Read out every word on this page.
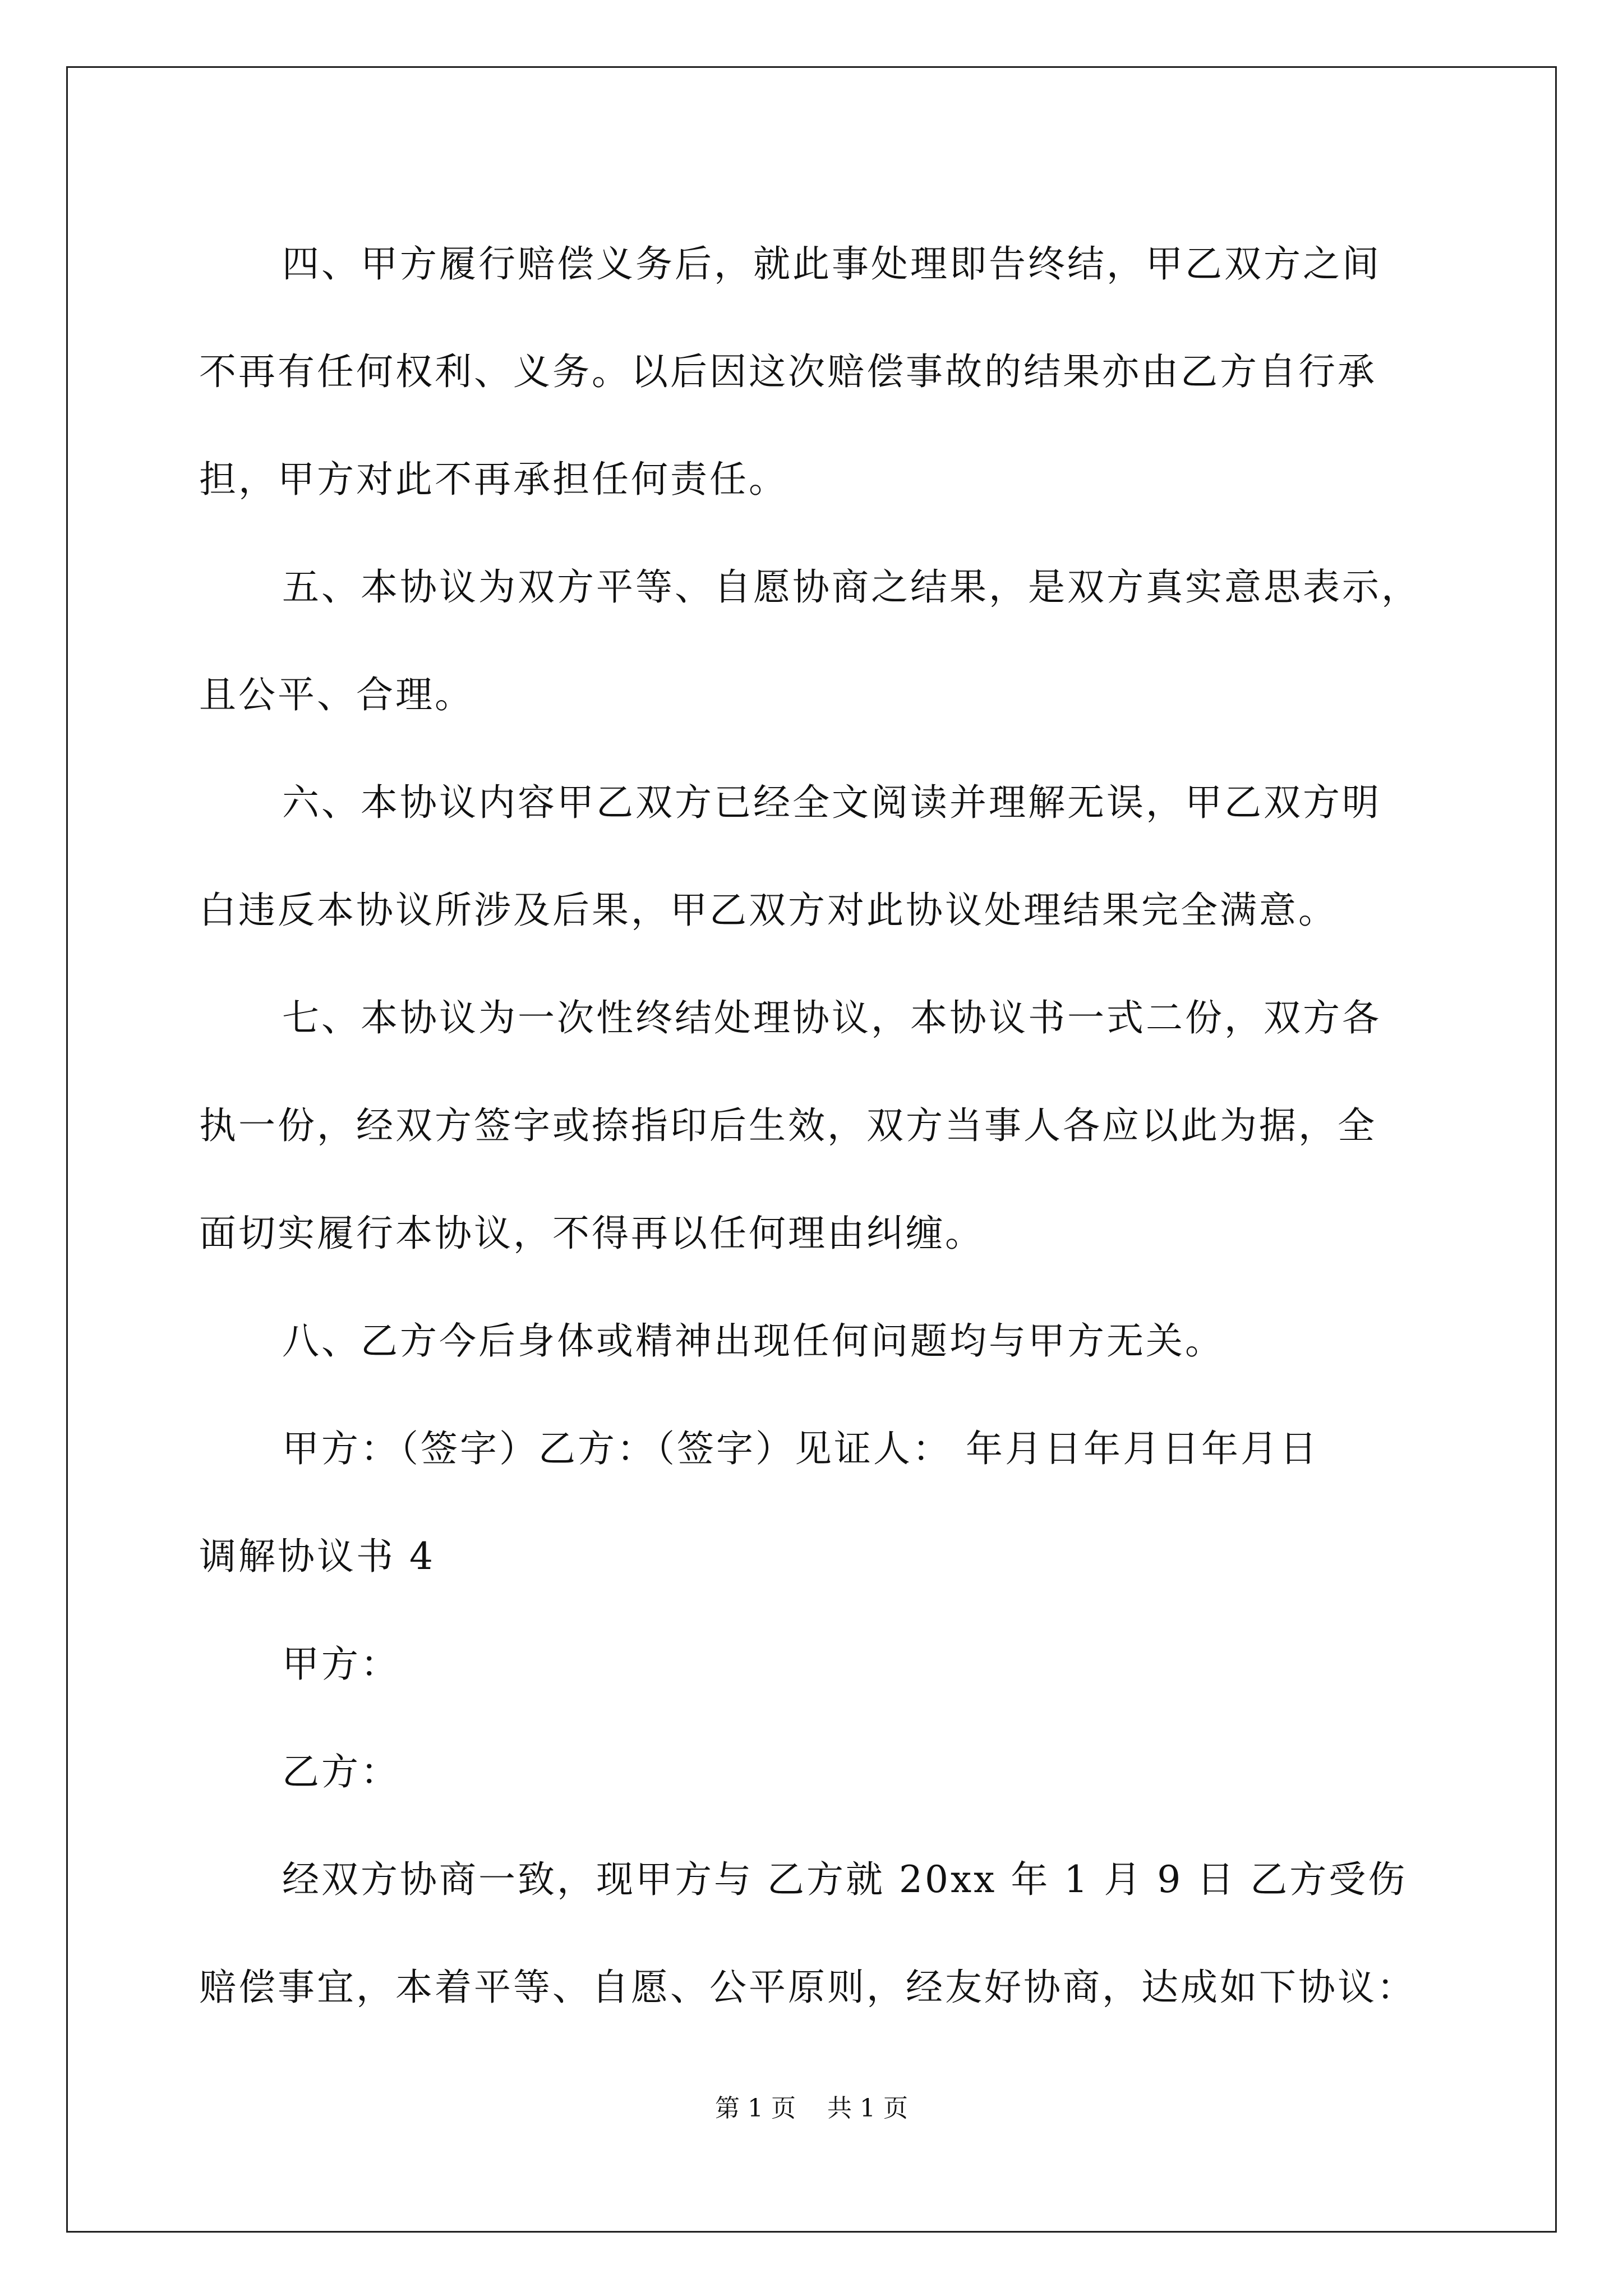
四、甲方履行赔偿义务后，就此事处理即告终结，甲乙双方之间
不再有任何权利、义务。以后因这次赔偿事故的结果亦由乙方自行承
担，甲方对此不再承担任何责任。
五、本协议为双方平等、自愿协商之结果，是双方真实意思表示，
且公平、合理。
六、本协议内容甲乙双方已经全文阅读并理解无误，甲乙双方明
白违反本协议所涉及后果，甲乙双方对此协议处理结果完全满意。
七、本协议为一次性终结处理协议，本协议书一式二份，双方各
执一份，经双方签字或捺指印后生效，双方当事人各应以此为据，全
面切实履行本协议，不得再以任何理由纠缠。
八、乙方今后身体或精神出现任何问题均与甲方无关。
甲方：（签字）乙方：（签字）见证人： 年月日年月日年月日
调解协议书 4
甲方：
乙方：
经双方协商一致，现甲方与 乙方就 20xx 年 1 月 9 日 乙方受伤
赔偿事宜，本着平等、自愿、公平原则，经友好协商，达成如下协议：
第 1 页 共 1 页
